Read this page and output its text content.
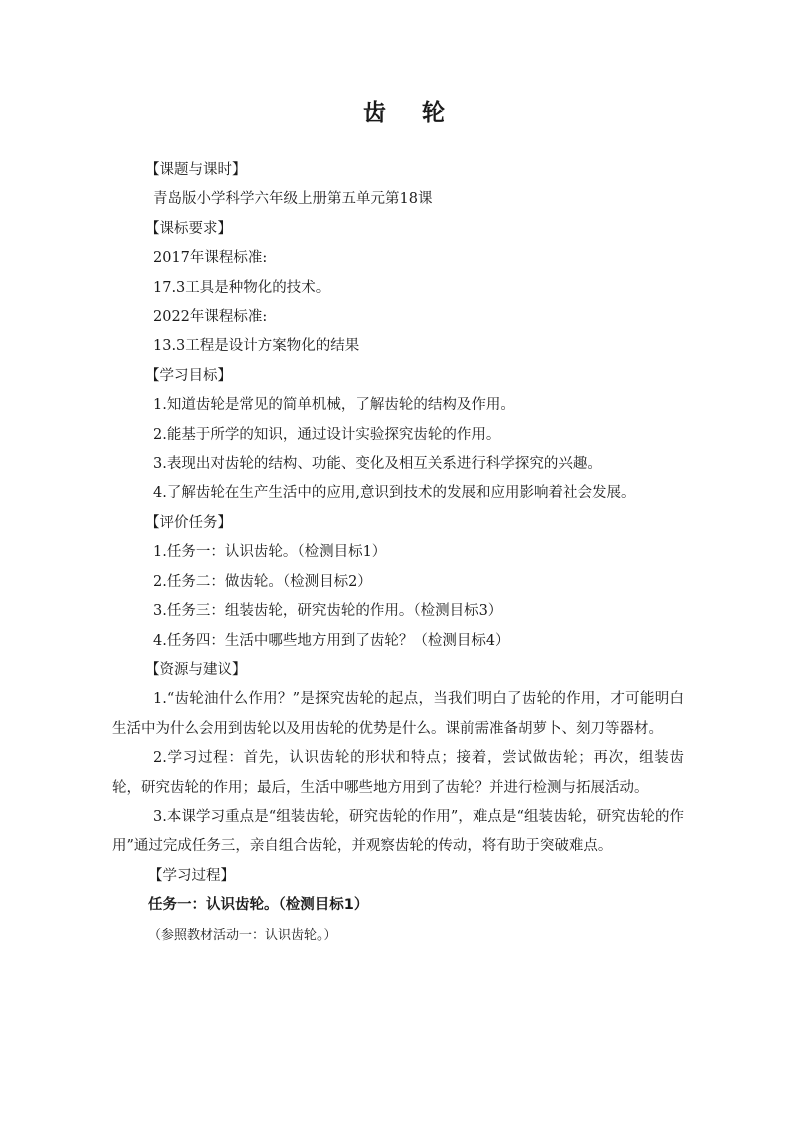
齿 轮
【课题与课时】
青岛版小学科学六年级上册第五单元第18课
【课标要求】
2017年课程标准:
17.3工具是种物化的技术。
2022年课程标准:
13.3工程是设计方案物化的结果
【学习目标】
1.知道齿轮是常见的简单机械，了解齿轮的结构及作用。
2.能基于所学的知识，通过设计实验探究齿轮的作用。
3.表现出对齿轮的结构、功能、变化及相互关系进行科学探究的兴趣。
4.了解齿轮在生产生活中的应用,意识到技术的发展和应用影响着社会发展。
【评价任务】
1.任务一：认识齿轮。（检测目标1）
2.任务二：做齿轮。（检测目标2）
3.任务三：组装齿轮，研究齿轮的作用。（检测目标3）
4.任务四：生活中哪些地方用到了齿轮？（检测目标4）
【资源与建议】
1.“齿轮油什么作用？”是探究齿轮的起点，当我们明白了齿轮的作用，才可能明白生活中为什么会用到齿轮以及用齿轮的优势是什么。课前需准备胡萝卜、刻刀等器材。
2.学习过程：首先，认识齿轮的形状和特点；接着，尝试做齿轮；再次，组装齿轮，研究齿轮的作用；最后，生活中哪些地方用到了齿轮？并进行检测与拓展活动。
3.本课学习重点是“组装齿轮，研究齿轮的作用”，难点是“组装齿轮，研究齿轮的作用”通过完成任务三，亲自组合齿轮，并观察齿轮的传动，将有助于突破难点。
【学习过程】
任务一：认识齿轮。（检测目标1）
（参照教材活动一：认识齿轮。）
